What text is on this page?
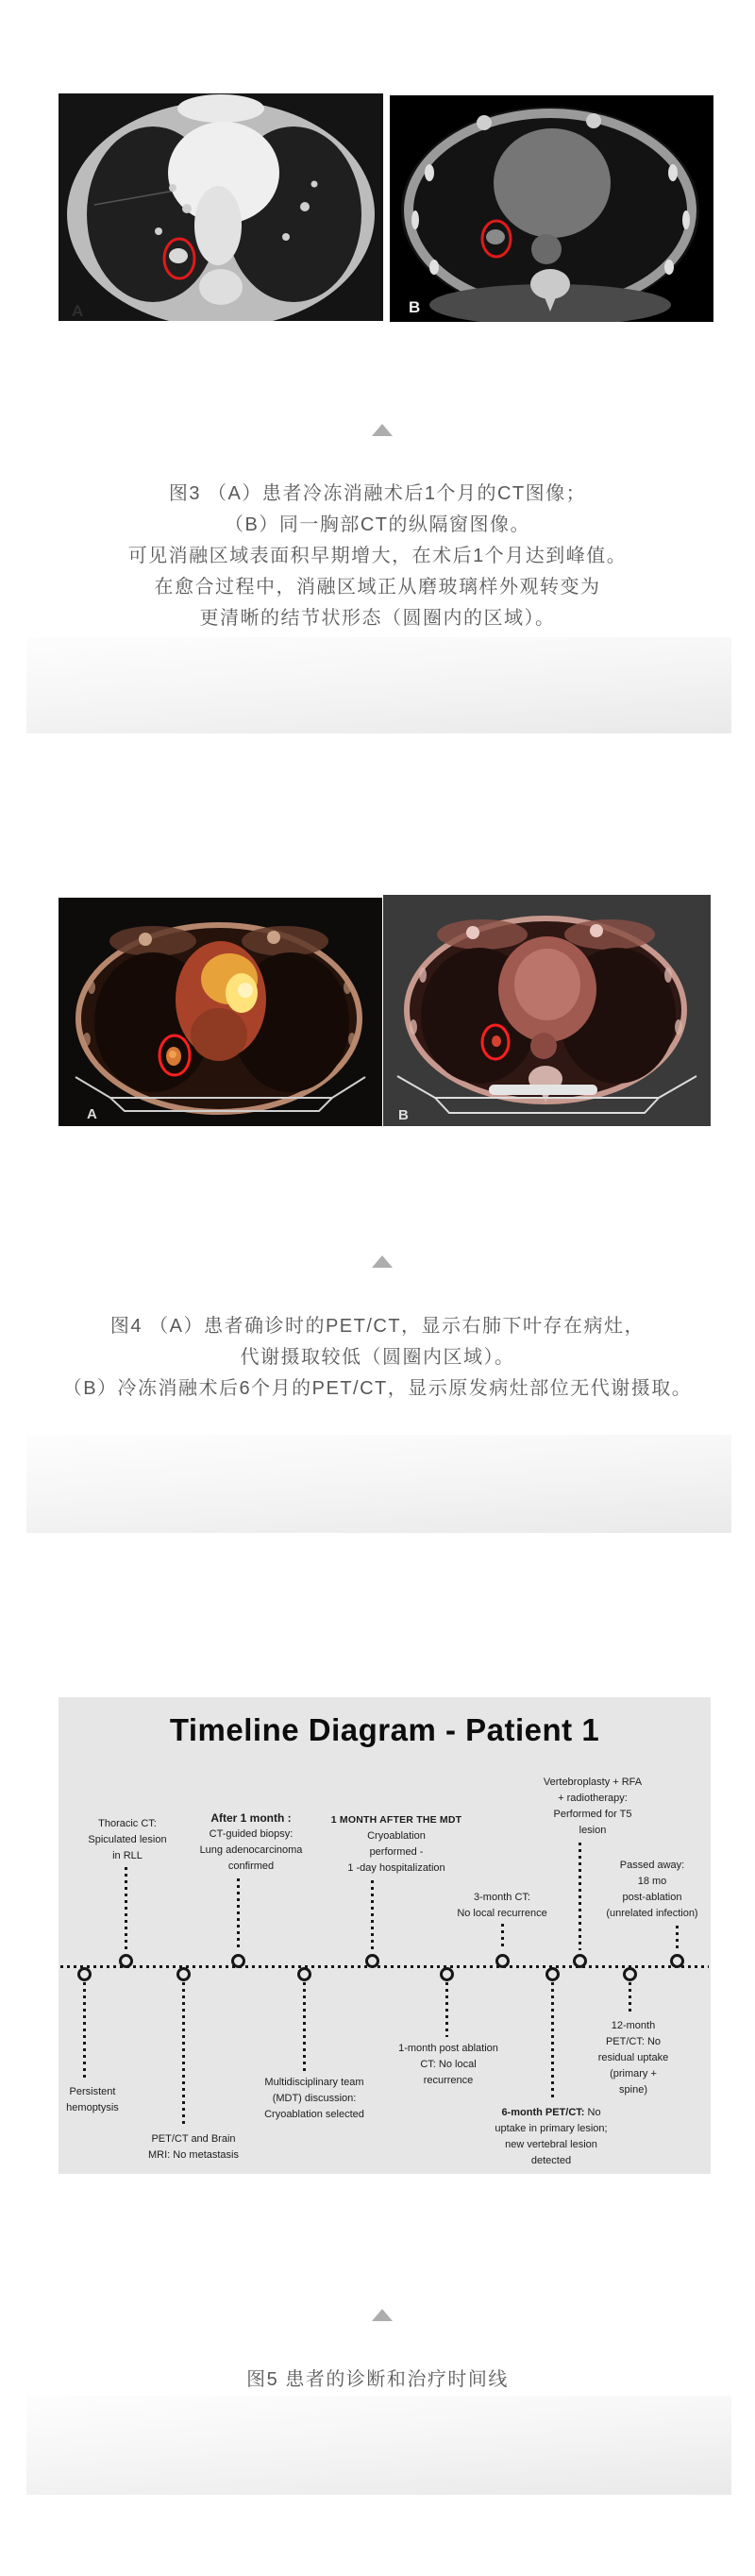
A	B
图3 （A）患者冷冻消融术后1个月的CT图像；
（B）同一胸部CT的纵隔窗图像。
可见消融区域表面积早期增大，在术后1个月达到峰值。
在愈合过程中，消融区域正从磨玻璃样外观转变为
更清晰的结节状形态（圆圈内的区域）。
A	B
图4 （A）患者确诊时的PET/CT，显示右肺下叶存在病灶，
代谢摄取较低（圆圈内区域）。
（B）冷冻消融术后6个月的PET/CT，显示原发病灶部位无代谢摄取。
Timeline Diagram - Patient 1
Thoracic CT:
Spiculated lesion
in RLL
After 1 month :
CT-guided biopsy:
Lung adenocarcinoma
confirmed
1 MONTH AFTER THE MDT
Cryoablation
performed -
1 -day hospitalization
3-month CT:
No local recurrence
Vertebroplasty + RFA
+ radiotherapy:
Performed for T5
lesion
Passed away:
18 mo
post-ablation
(unrelated infection)
Persistent
hemoptysis
PET/CT and Brain
MRI: No metastasis
Multidisciplinary team
(MDT) discussion:
Cryoablation selected
1-month post ablation
CT: No local
recurrence
6-month PET/CT: No
uptake in primary lesion;
new vertebral lesion
detected
12-month
PET/CT: No
residual uptake
(primary +
spine)
图5 患者的诊断和治疗时间线
